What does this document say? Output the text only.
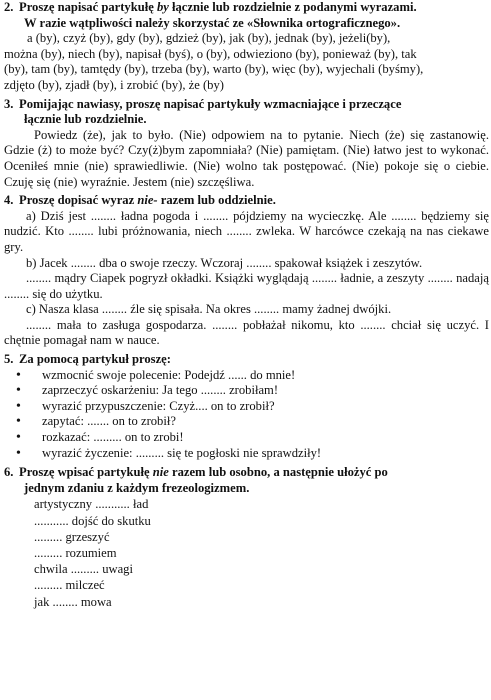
2. Proszę napisać partykułę by łącznie lub rozdzielnie z podanymi wyrazami.
W razie wątpliwości należy skorzystać ze «Słownika ortograficznego».
a (by), czyż (by), gdy (by), gdzież (by), jak (by), jednak (by), jeżeli(by),
można (by), niech (by), napisał (byś), o (by), odwieziono (by), ponieważ (by), tak
(by), tam (by), tamtędy (by), trzeba (by), warto (by), więc (by), wyjechali (byśmy),
zdjęto (by), zjadł (by), i zrobić (by), że (by)
3. Pomijając nawiasy, proszę napisać partykuły wzmacniające i przeczące
łącznie lub rozdzielnie.

Powiedz (że), jak to było. (Nie) odpowiem na to pytanie. Niech (że) się zastanowię. Gdzie (ż) to może być? Czy(ż)bym zapomniała? (Nie) pamiętam. (Nie) łatwo jest to wykonać. Oceniłeś mnie (nie) sprawiedliwie. (Nie) wolno tak postępować. (Nie) pokoje się o ciebie. Czuję się (nie) wyraźnie. Jestem (nie) szczęśliwa.

4. Proszę dopisać wyraz nie- razem lub oddzielnie.

a) Dziś jest ........ ładna pogoda i ........ pójdziemy na wycieczkę. Ale ........ będziemy się nudzić. Kto ........ lubi próżnowania, niech ........ zwleka. W harcówce czekają na nas ciekawe gry.

b) Jacek ........ dba o swoje rzeczy. Wczoraj ........ spakował książek i zeszytów.

........ mądry Ciapek pogryzł okładki. Książki wyglądają ........ ładnie, a zeszyty ........ nadają ........ się do użytku.

c) Nasza klasa ........ źle się spisała. Na okres ........ mamy żadnej dwójki.

........ mała to zasługa gospodarza. ........ pobłażał nikomu, kto ........ chciał się uczyć. I chętnie pomagał nam w nauce.

5. Za pomocą partykuł proszę:
• wzmocnić swoje polecenie: Podejdź ...... do mnie!
• zaprzeczyć oskarżeniu: Ja tego ........ zrobiłam!
• wyrazić przypuszczenie: Czyż.... on to zrobił?
• zapytać: ....... on to zrobił?
• rozkazać: ......... on to zrobi!
• wyrazić życzenie: ......... się te pogłoski nie sprawdziły!
6. Proszę wpisać partykułę nie razem lub osobno, a następnie ułożyć po
jednym zdaniu z każdym frezeologizmem.
artystyczny ........... ład
........... dojść do skutku
......... grzeszyć
......... rozumiem
chwila ......... uwagi
......... milczeć
jak ........ mowa
